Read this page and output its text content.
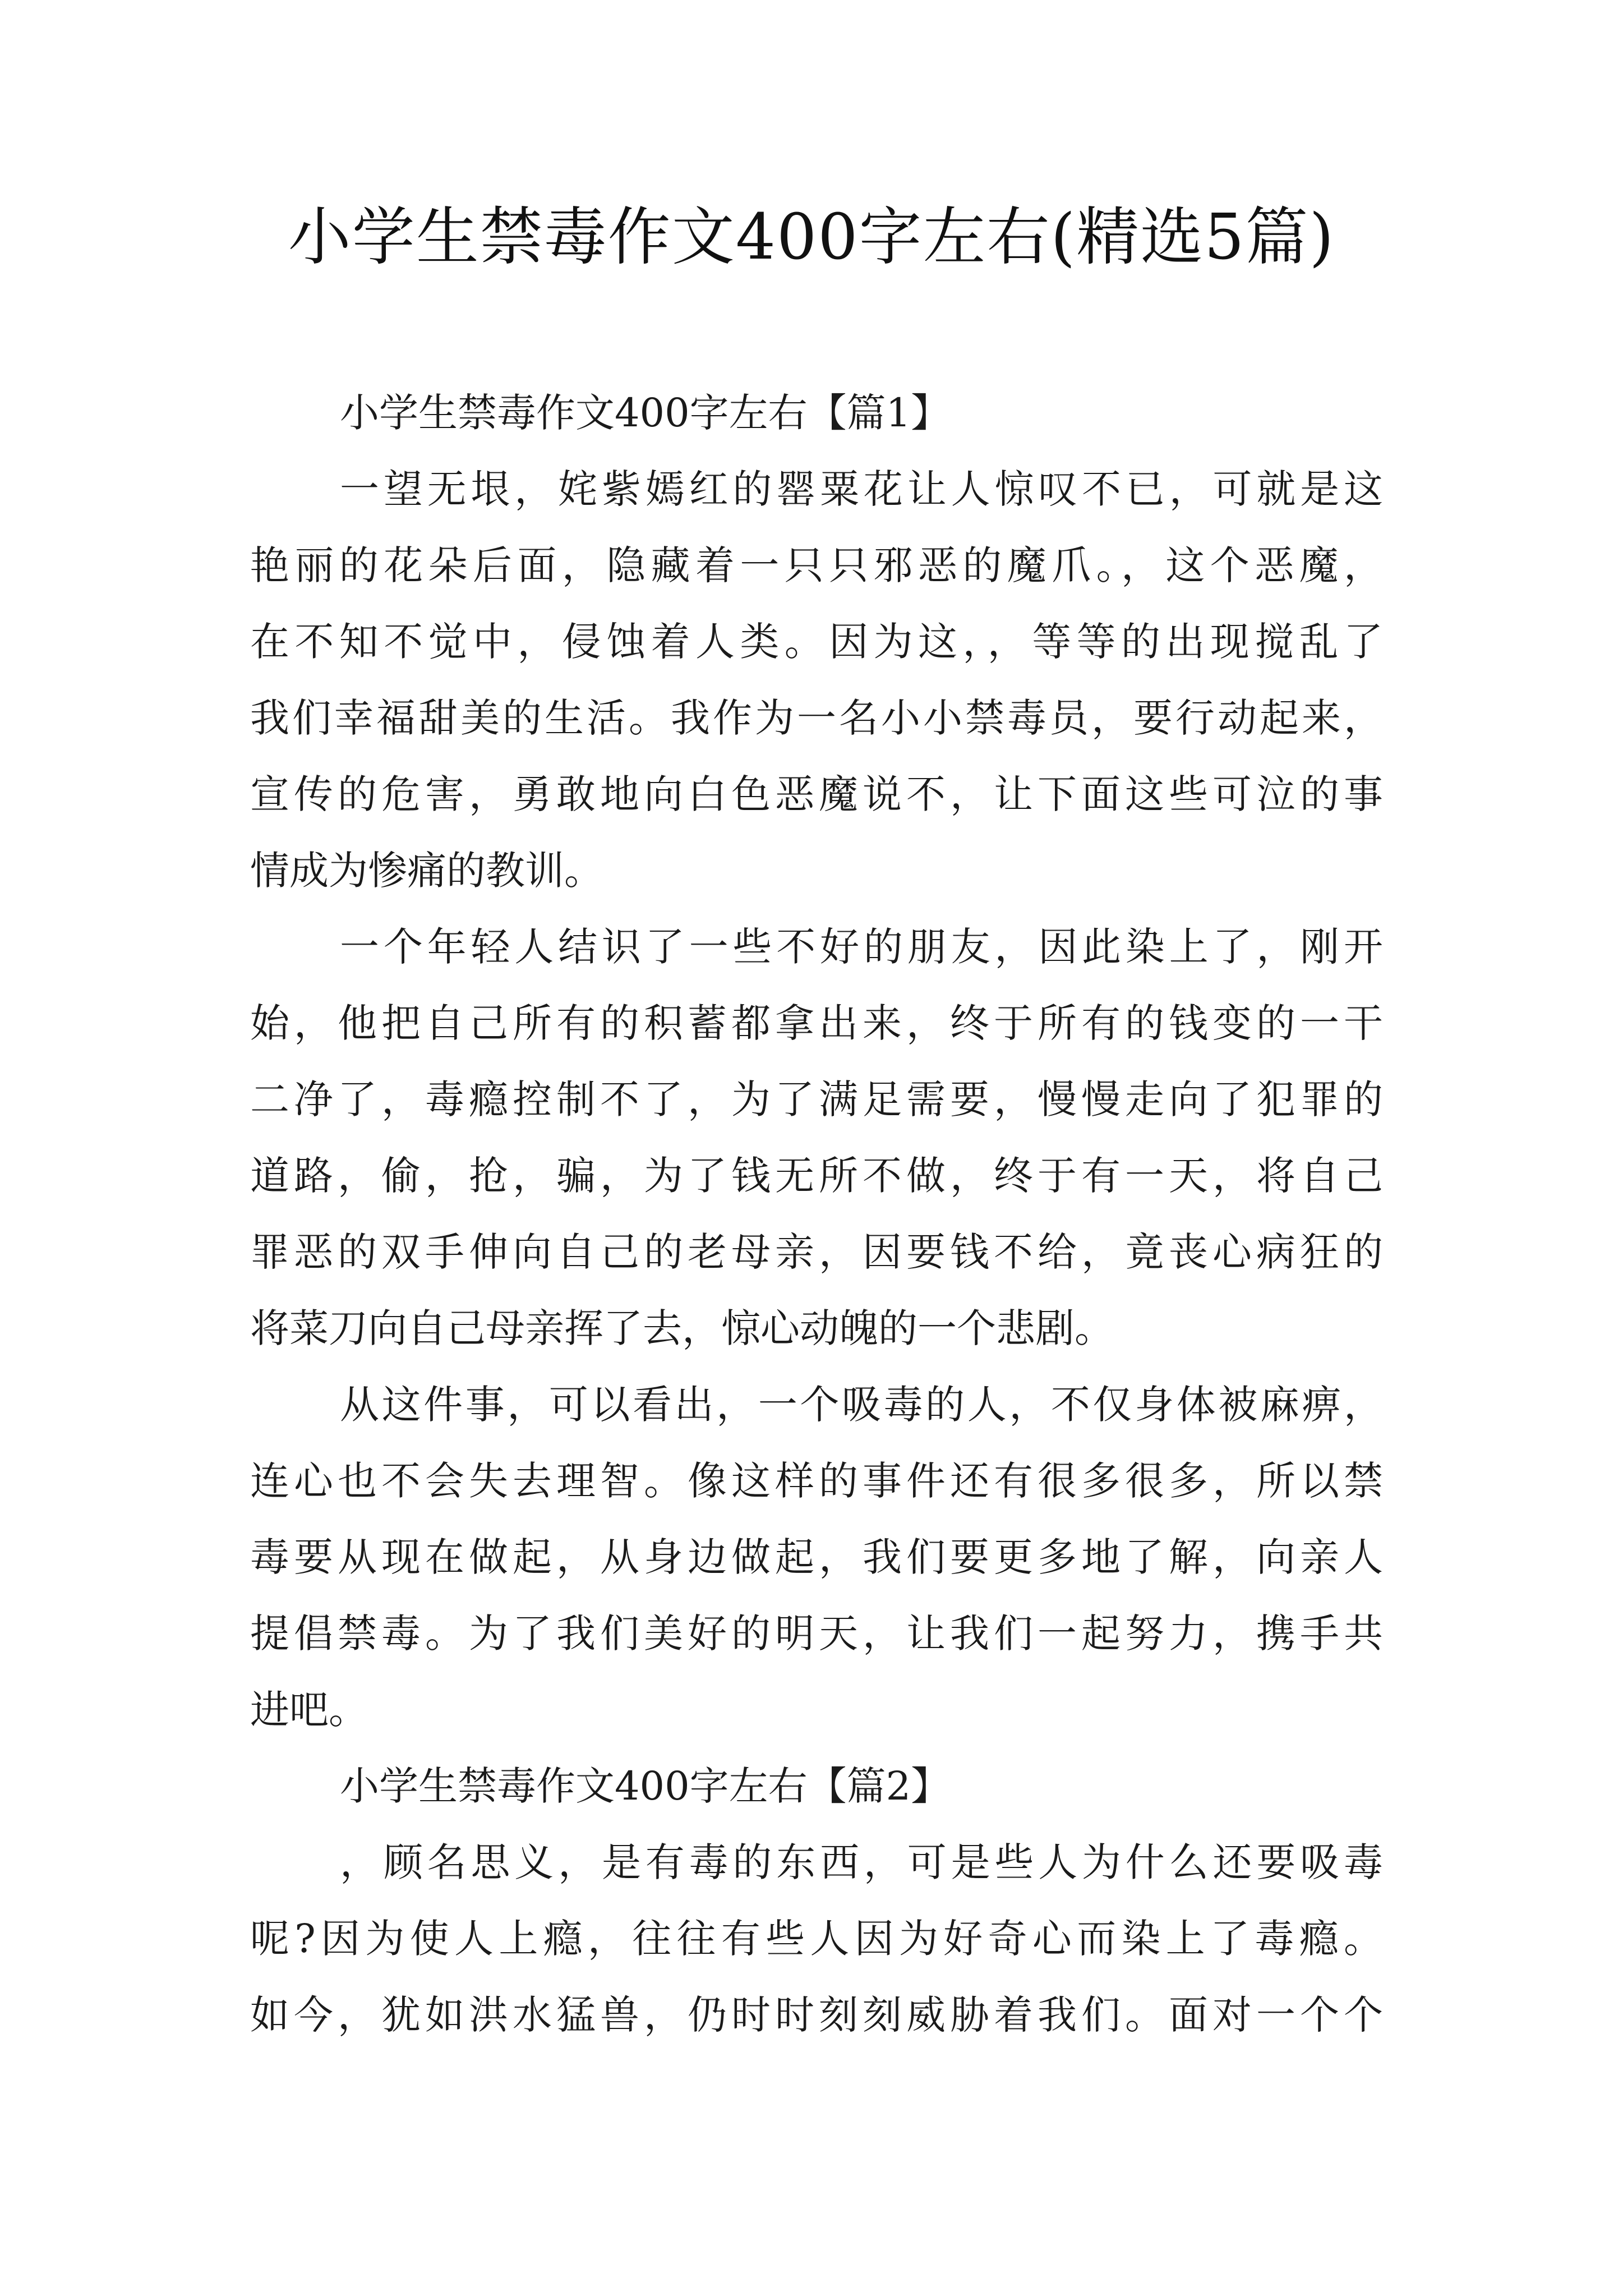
小学生禁毒作文400字左右(精选5篇)
小学生禁毒作文400字左右【篇1】
一望无垠，姹紫嫣红的罂粟花让人惊叹不已，可就是这
艳丽的花朵后面，隐藏着一只只邪恶的魔爪。，这个恶魔，
在不知不觉中，侵蚀着人类。因为这，，等等的出现搅乱了
我们幸福甜美的生活。我作为一名小小禁毒员，要行动起来，
宣传的危害，勇敢地向白色恶魔说不，让下面这些可泣的事
情成为惨痛的教训。
一个年轻人结识了一些不好的朋友，因此染上了，刚开
始，他把自己所有的积蓄都拿出来，终于所有的钱变的一干
二净了，毒瘾控制不了，为了满足需要，慢慢走向了犯罪的
道路，偷，抢，骗，为了钱无所不做，终于有一天，将自己
罪恶的双手伸向自己的老母亲，因要钱不给，竟丧心病狂的
将菜刀向自己母亲挥了去，惊心动魄的一个悲剧。
从这件事，可以看出，一个吸毒的人，不仅身体被麻痹，
连心也不会失去理智。像这样的事件还有很多很多，所以禁
毒要从现在做起，从身边做起，我们要更多地了解，向亲人
提倡禁毒。为了我们美好的明天，让我们一起努力，携手共
进吧。
小学生禁毒作文400字左右【篇2】
，顾名思义，是有毒的东西，可是些人为什么还要吸毒
呢?因为使人上瘾，往往有些人因为好奇心而染上了毒瘾。
如今，犹如洪水猛兽，仍时时刻刻威胁着我们。面对一个个
